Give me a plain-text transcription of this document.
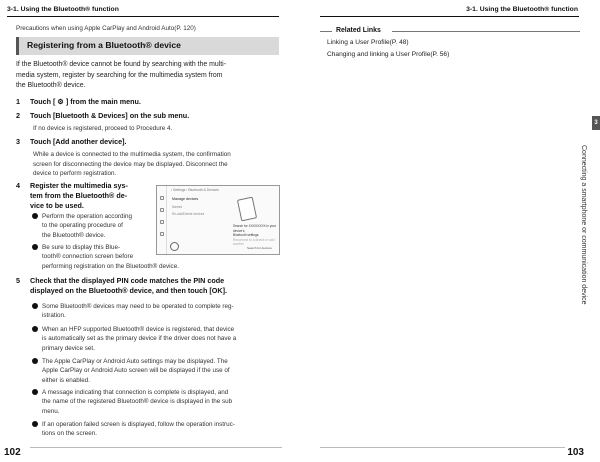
3-1. Using the Bluetooth® function
Precautions when using Apple CarPlay and Android Auto(P. 120)
Registering from a Bluetooth® device
If the Bluetooth® device cannot be found by searching with the multi-
media system, register by searching for the multimedia system from
the Bluetooth® device.
1 Touch [ ⚙ ] from the main menu.
2 Touch [Bluetooth & Devices] on the sub menu.
If no device is registered, proceed to Procedure 4.
3 Touch [Add another device].
While a device is connected to the multimedia system, the confirmation
screen for disconnecting the device may be displayed. Disconnect the
device to perform registration.
4 Register the multimedia sys-
tem from the Bluetooth® de-
vice to be used.
Perform the operation according
to the operating procedure of
the Bluetooth® device.
Be sure to display this Blue-
tooth® connection screen before
performing registration on the Bluetooth® device.
‹ Settings › Bluetooth & Devices
Manage devices
Names
Re-add/Delete devices
Search for XXXXXXXX in your device's
Bluetooth settings.
Reconnect to a device or add another
Search for devices
5	Check that the displayed PIN code matches the PIN code
displayed on the Bluetooth® device, and then touch [OK].
Some Bluetooth® devices may need to be operated to complete reg-
istration.
When an HFP supported Bluetooth® device is registered, that device
is automatically set as the primary device if the driver does not have a
primary device set.
The Apple CarPlay or Android Auto settings may be displayed. The
Apple CarPlay or Android Auto screen will be displayed if the use of
either is enabled.
A message indicating that connection is complete is displayed, and
the name of the registered Bluetooth® device is displayed in the sub
menu.
If an operation failed screen is displayed, follow the operation instruc-
tions on the screen.
102
3-1. Using the Bluetooth® function
Related Links
Linking a User Profile(P. 48)
Changing and linking a User Profile(P. 56)
103
3
Connecting a smartphone or communication device
